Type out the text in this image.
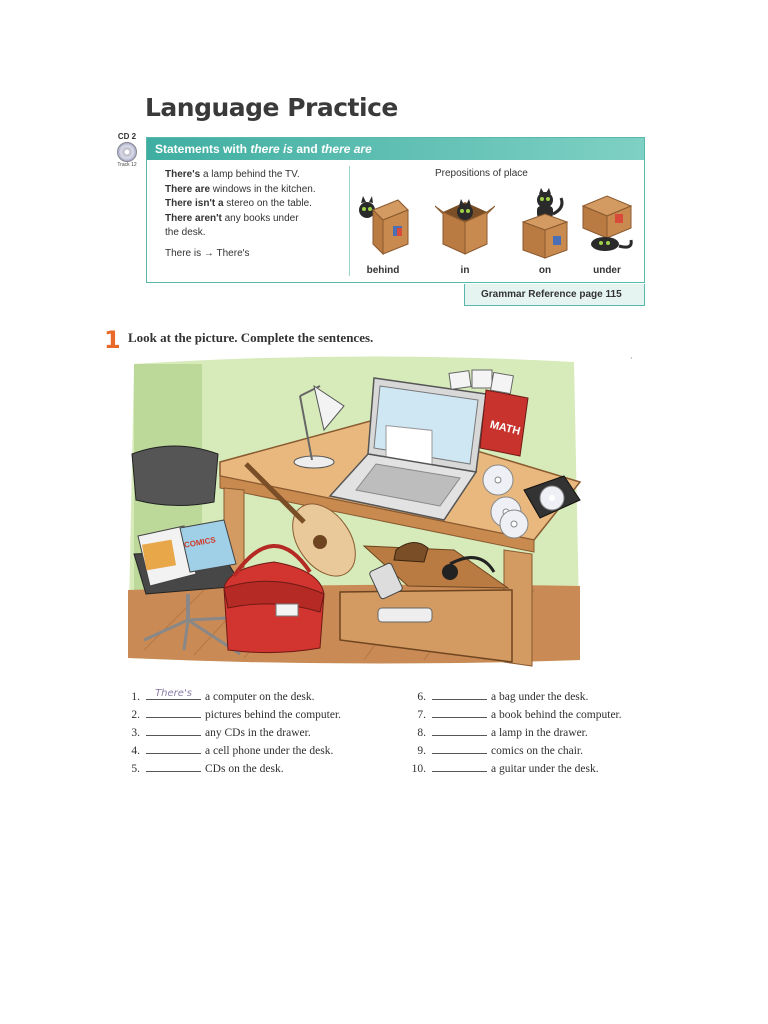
Language Practice
CD 2
Track 12
Statements with there is and there are
There's a lamp behind the TV.
There are windows in the kitchen.
There isn't a stereo on the table.
There aren't any books under
the desk.
There is → There's
Prepositions of place
behind	in	on	under
Grammar Reference page 115
1 Look at the picture. Complete the sentences.
·
MATH
COMICS
1.	There's	a computer on the desk.
2.	pictures behind the computer.
3.	any CDs in the drawer.
4.	a cell phone under the desk.
5.	CDs on the desk.
6.	a bag under the desk.
7.	a book behind the computer.
8.	a lamp in the drawer.
9.	comics on the chair.
10.	a guitar under the desk.
